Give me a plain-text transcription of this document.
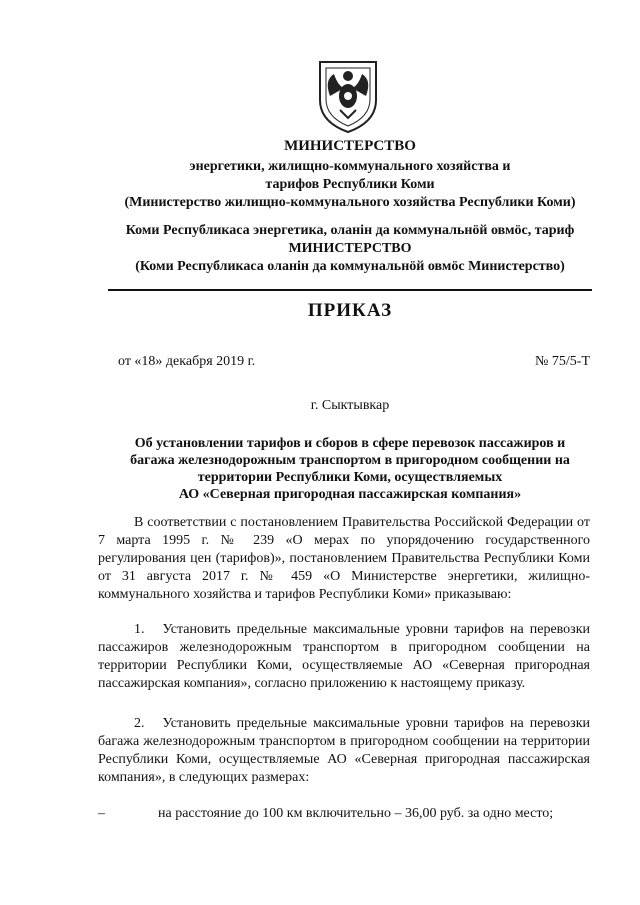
МИНИСТЕРСТВО
энергетики, жилищно-коммунального хозяйства и
тарифов Республики Коми
(Министерство жилищно-коммунального хозяйства Республики Коми)
Коми Республикаса энергетика, оланiн да коммунальнӧй овмӧс, тариф
МИНИСТЕРСТВО
(Коми Республикаса оланiн да коммунальнӧй овмӧс Министерство)
ПРИКАЗ
от «18» декабря 2019 г.	№ 75/5-Т
г. Сыктывкар
Об установлении тарифов и сборов в сфере перевозок пассажиров и
багажа железнодорожным транспортом в пригородном сообщении на
территории Республики Коми, осуществляемых
АО «Северная пригородная пассажирская компания»
В соответствии с постановлением Правительства Российской Федерации от 7 марта 1995 г. № 239 «О мерах по упорядочению государственного регулирования цен (тарифов)», постановлением Правительства Республики Коми от 31 августа 2017 г. № 459 «О Министерстве энергетики, жилищно-коммунального хозяйства и тарифов Республики Коми» приказываю:
1.   Установить предельные максимальные уровни тарифов на перевозки пассажиров железнодорожным транспортом в пригородном сообщении на территории Республики Коми, осуществляемые АО «Северная пригородная пассажирская компания», согласно приложению к настоящему приказу.
2.   Установить предельные максимальные уровни тарифов на перевозки багажа железнодорожным транспортом в пригородном сообщении на территории Республики Коми, осуществляемые АО «Северная пригородная пассажирская компания», в следующих размерах:
–	на расстояние до 100 км включительно – 36,00 руб. за одно место;
